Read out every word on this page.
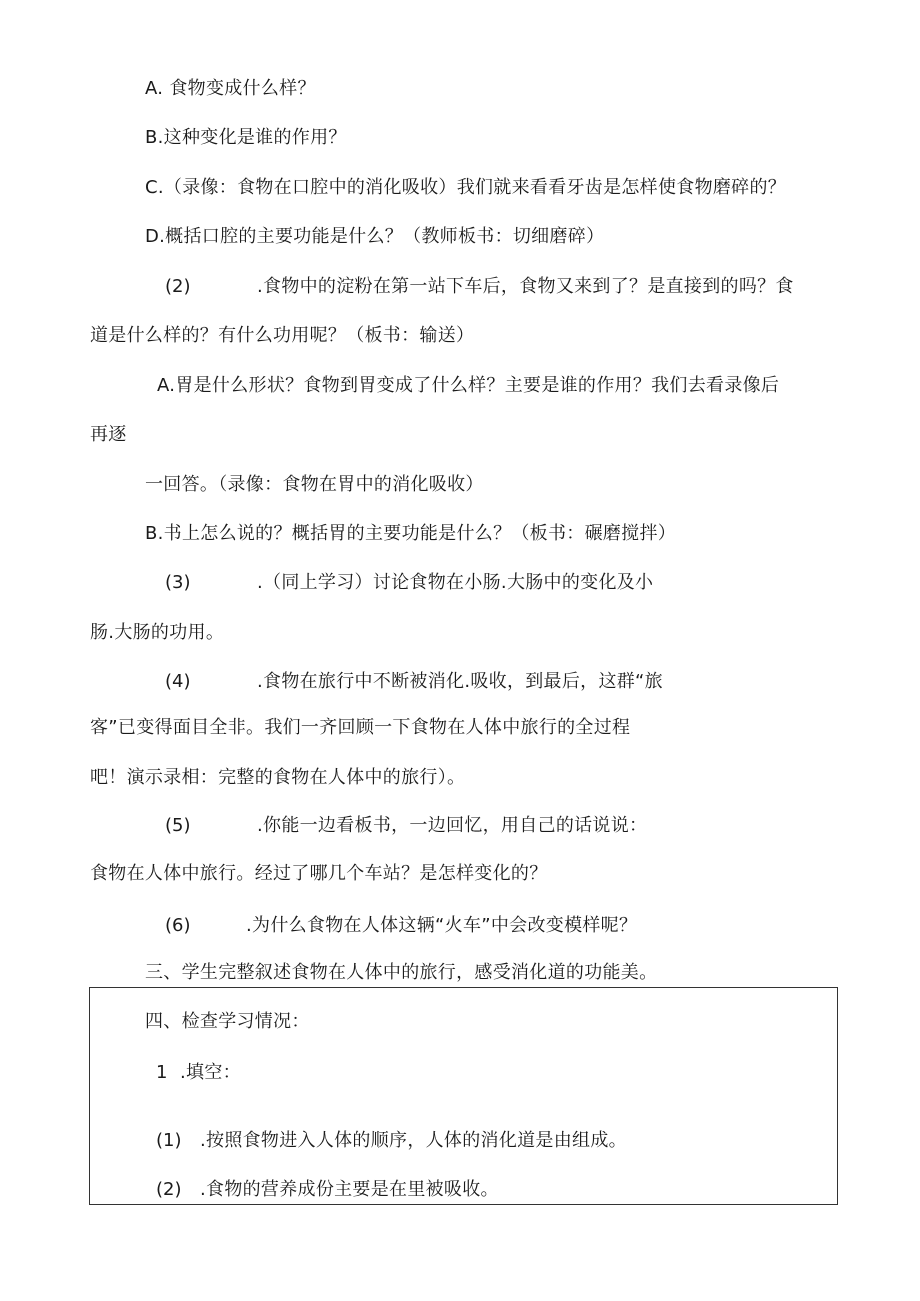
A. 食物变成什么样？
B.这种变化是谁的作用？
C.（录像：食物在口腔中的消化吸收）我们就来看看牙齿是怎样使食物磨碎的？
D.概括口腔的主要功能是什么？（教师板书：切细磨碎）
(2)	.食物中的淀粉在第一站下车后，食物又来到了？是直接到的吗？食
道是什么样的？有什么功用呢？（板书：输送）
A.胃是什么形状？食物到胃变成了什么样？主要是谁的作用？我们去看录像后
再逐
一回答。（录像：食物在胃中的消化吸收）
B.书上怎么说的？概括胃的主要功能是什么？（板书：碾磨搅拌）
(3)	.（同上学习）讨论食物在小肠.大肠中的变化及小
肠.大肠的功用。
(4)	.食物在旅行中不断被消化.吸收，到最后，这群“旅
客”已变得面目全非。我们一齐回顾一下食物在人体中旅行的全过程
吧！演示录相：完整的食物在人体中的旅行）。
(5)	.你能一边看板书，一边回忆，用自己的话说说：
食物在人体中旅行。经过了哪几个车站？是怎样变化的？
(6)	.为什么食物在人体这辆“火车”中会改变模样呢？
三、学生完整叙述食物在人体中的旅行，感受消化道的功能美。
四、检查学习情况：
1 .填空：
(1) .按照食物进入人体的顺序，人体的消化道是由组成。
(2) .食物的营养成份主要是在里被吸收。
